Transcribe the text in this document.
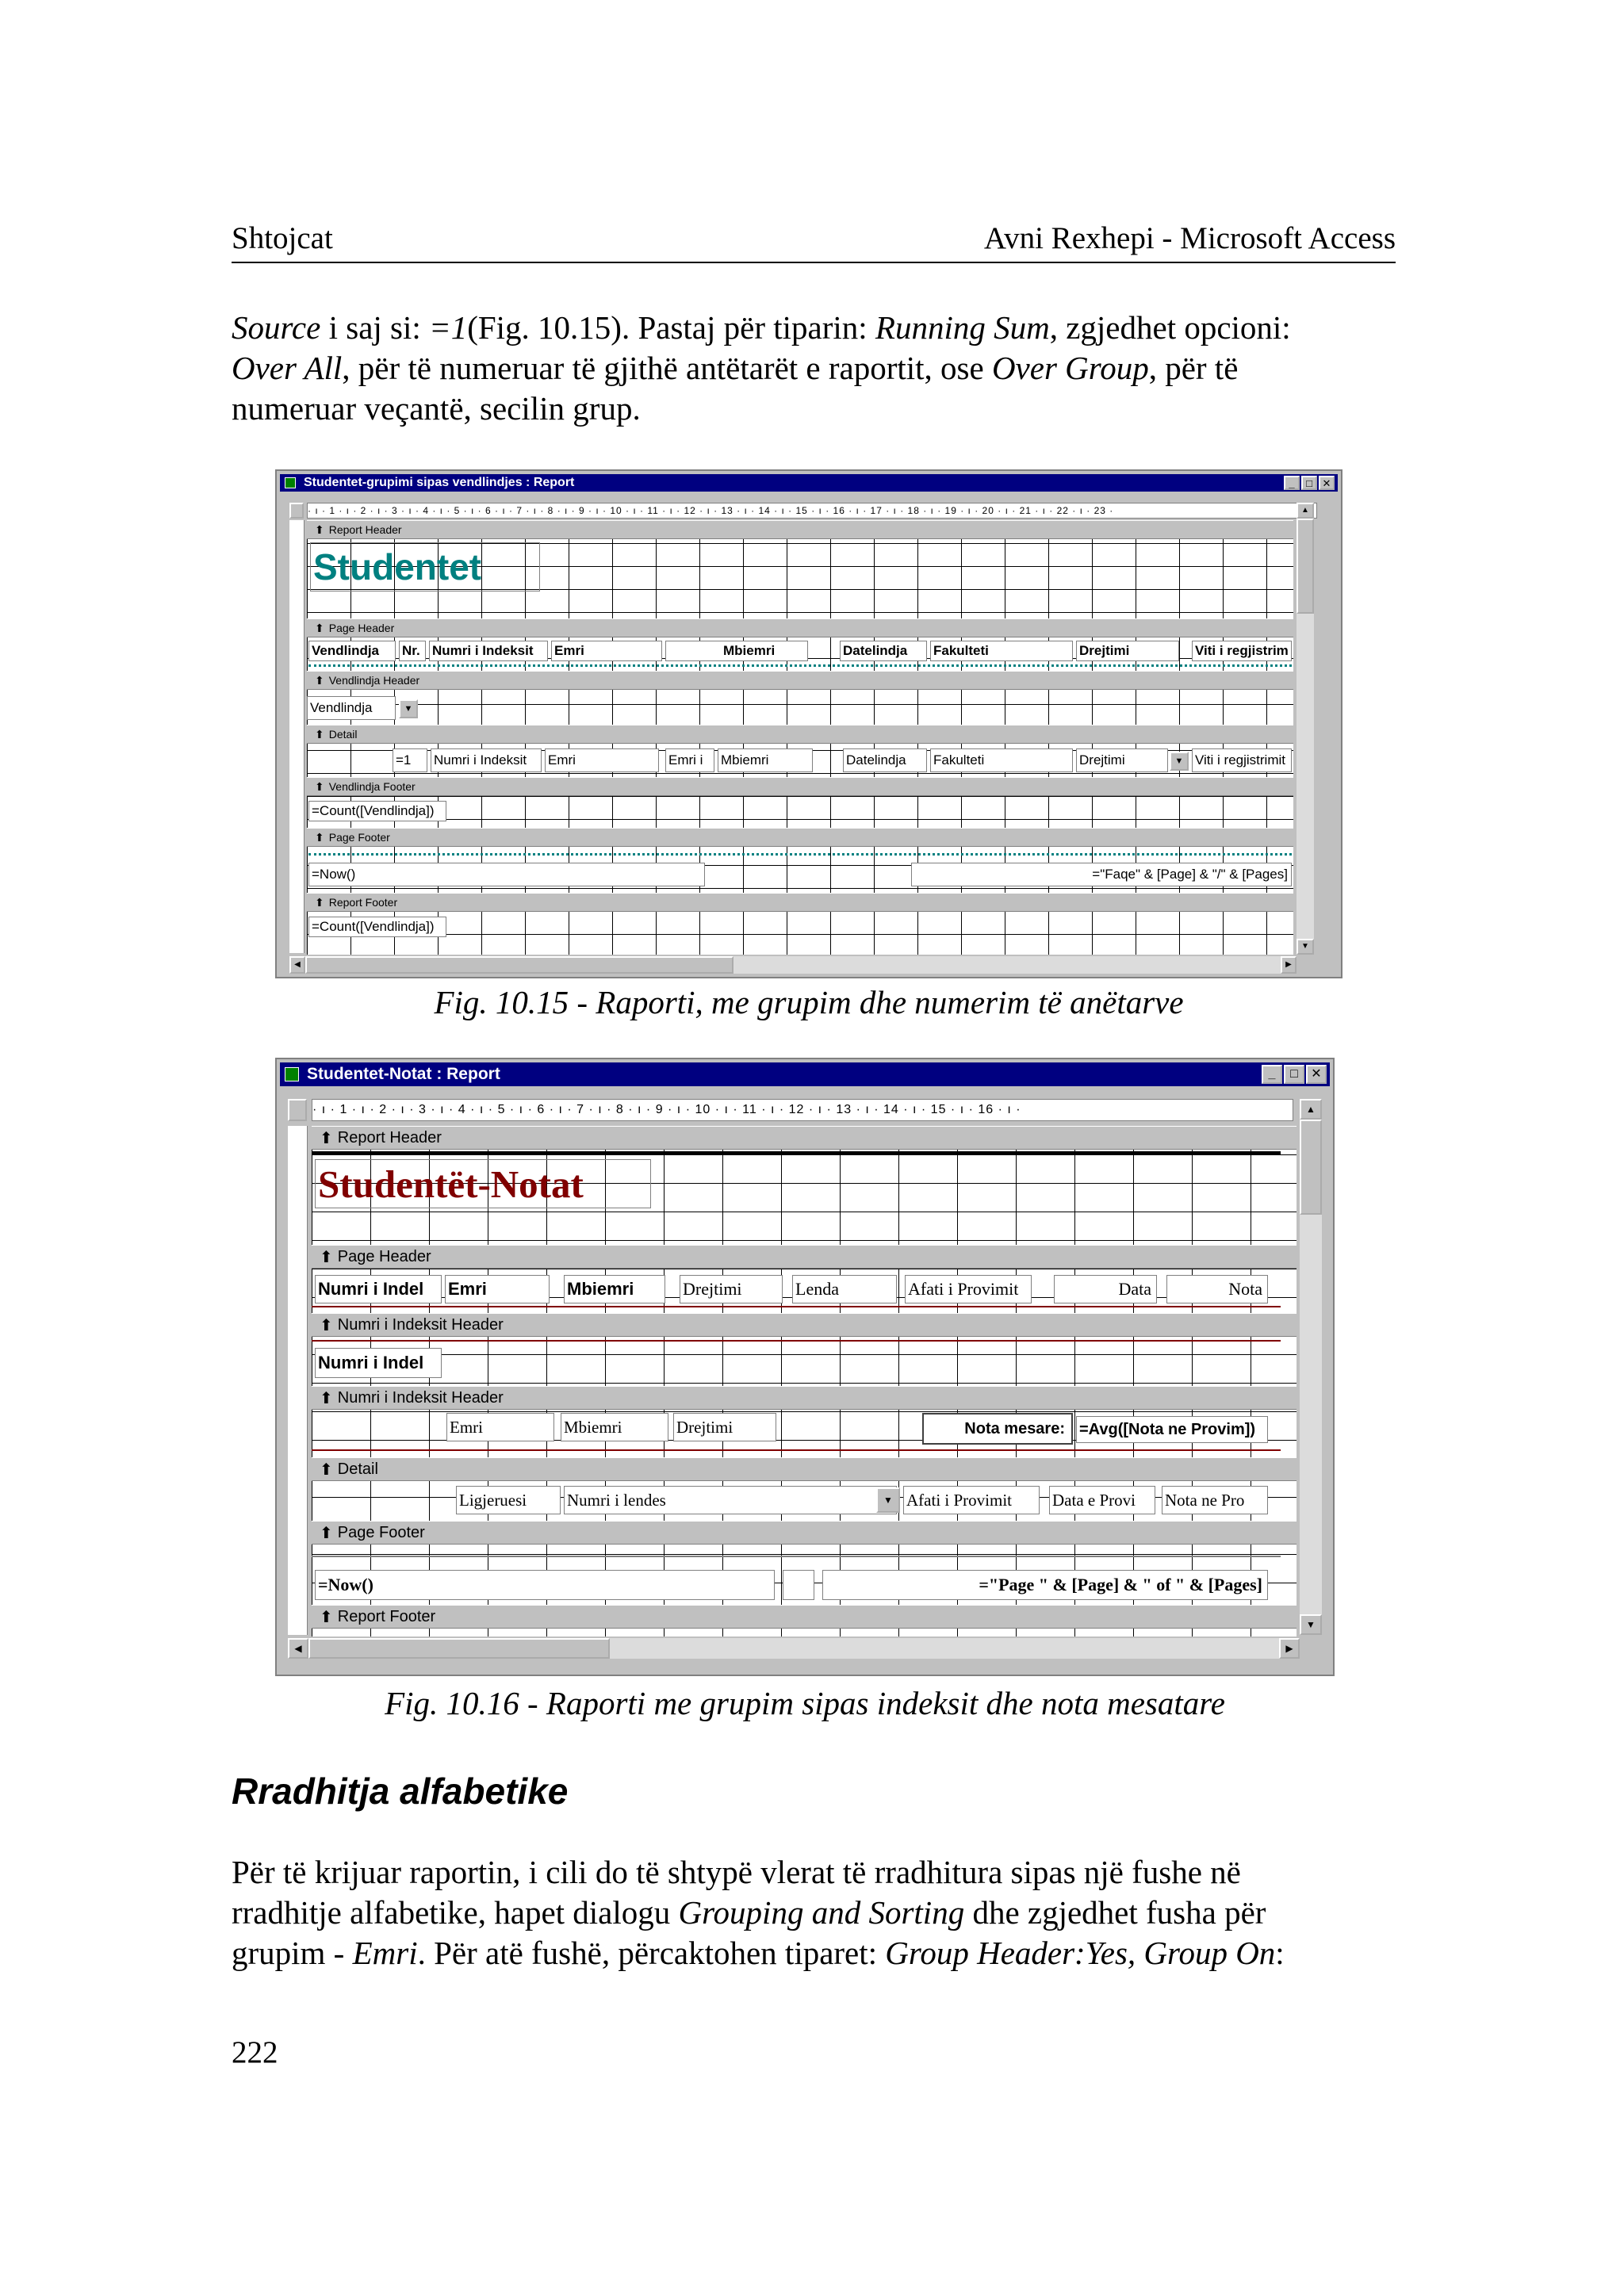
Shtojcat	Avni Rexhepi - Microsoft Access
Source i saj si: =1(Fig. 10.15). Pastaj për tiparin: Running Sum, zgjedhet opcioni:
Over All, për të numeruar të gjithë antëtarët e raportit, ose Over Group, për të
numeruar veçantë, secilin grup.
Studentet-grupimi sipas vendlindjes : Report	_	□ ✕
· ı · 1 · ı · 2 · ı · 3 · ı · 4 · ı · 5 · ı · 6 · ı · 7 · ı · 8 · ı · 9 · ı · 10 · ı · 11 · ı · 12 · ı · 13 · ı · 14 · ı · 15 · ı · 16 · ı · 17 · ı · 18 · ı · 19 · ı · 20 · ı · 21 · ı · 22 · ı · 23 ·
⬆ Report Header
Studentet
⬆ Page Header
Vendlindja	Nr. Numri i Indeksit	Emri	Mbiemri	Datelindja	Fakulteti	Drejtimi	Viti i regjistrim
⬆ Vendlindja Header
Vendlindja	▼
⬆ Detail
=1	Numri i Indeksit	Emri	Emri i	Mbiemri	Datelindja	Fakulteti	Drejtimi	▼ Viti i regjistrimit
⬆ Vendlindja Footer
=Count([Vendlindja])
⬆ Page Footer
=Now()	="Faqe" & [Page] & "/" & [Pages]
⬆ Report Footer
=Count([Vendlindja])
▲
▼
◀	▶
Fig. 10.15 - Raporti, me grupim dhe numerim të anëtarve
Studentet-Notat : Report	_	□	✕
· ı · 1 · ı · 2 · ı · 3 · ı · 4 · ı · 5 · ı · 6 · ı · 7 · ı · 8 · ı · 9 · ı · 10 · ı · 11 · ı · 12 · ı · 13 · ı · 14 · ı · 15 · ı · 16 · ı ·
⬆ Report Header
Studentët-Notat
⬆ Page Header
Numri i Indel	Emri	Mbiemri	Drejtimi	Lenda	Afati i Provimit	Data	Nota
⬆ Numri i Indeksit Header
Numri i Indel
⬆ Numri i Indeksit Header
Emri	Mbiemri	Drejtimi	Nota mesare: =Avg([Nota ne Provim])
⬆ Detail
Ligjeruesi	Numri i lendes	▼ Afati i Provimit	Data e Provi	Nota ne Pro
⬆ Page Footer
=Now()	="Page " & [Page] & " of " & [Pages]
⬆ Report Footer
▲
▼
◀	▶
Fig. 10.16 - Raporti me grupim sipas indeksit dhe nota mesatare
Rradhitja alfabetike
Për të krijuar raportin, i cili do të shtypë vlerat të rradhitura sipas një fushe në
rradhitje alfabetike, hapet dialogu Grouping and Sorting dhe zgjedhet fusha për
grupim - Emri. Për atë fushë, përcaktohen tiparet: Group Header:Yes, Group On:
222
